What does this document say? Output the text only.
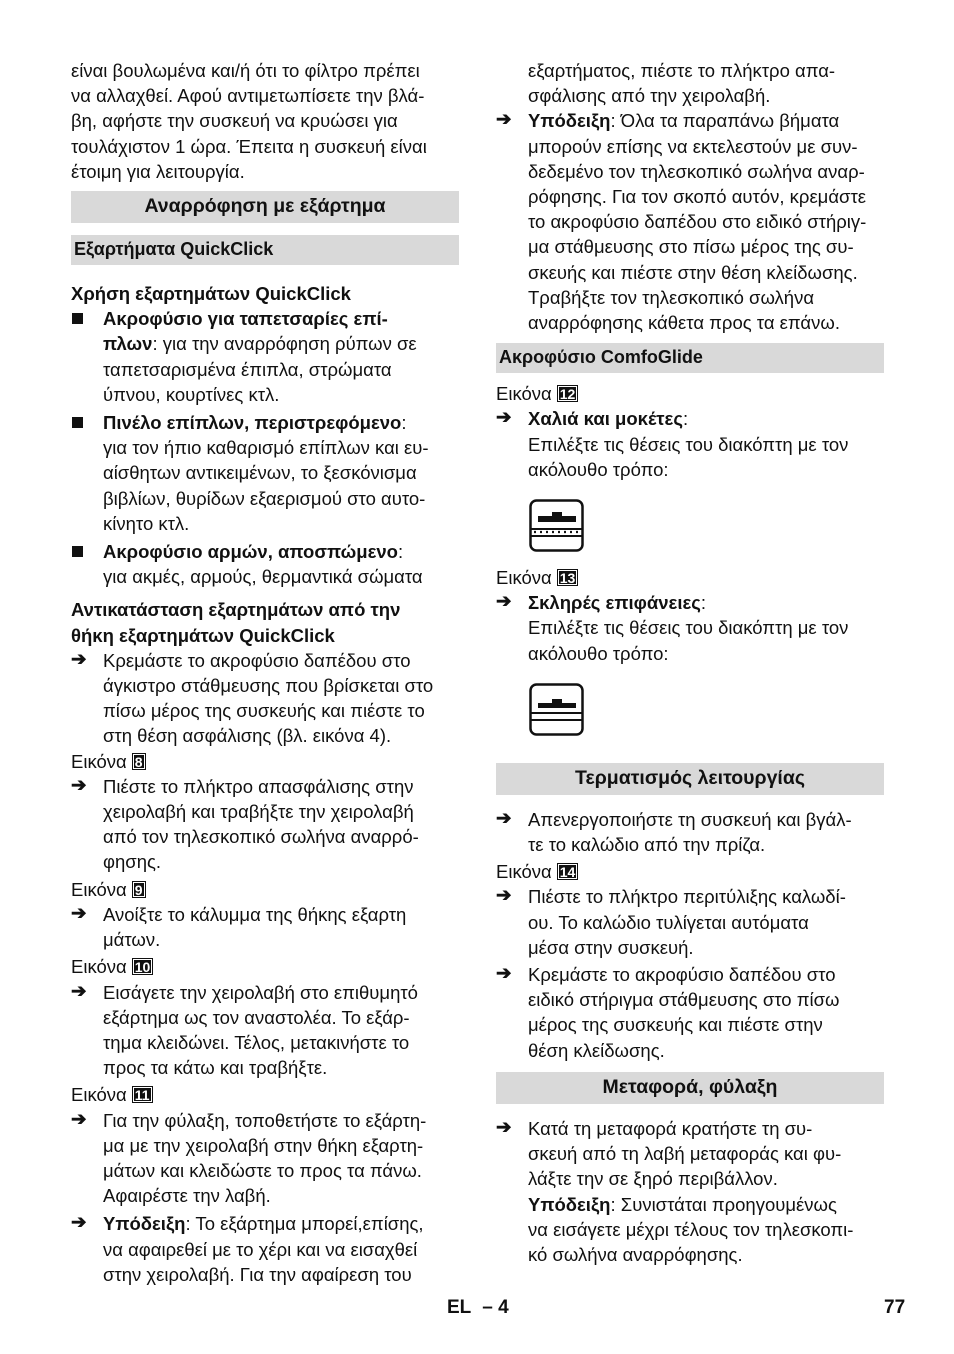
είναι βουλωμένα και/ή ότι το φίλτρο πρέπει
να αλλαχθεί. Αφού αντιμετωπίσετε την βλά-
βη, αφήστε την συσκευή να κρυώσει για
τουλάχιστον 1 ώρα. Έπειτα η συσκευή είναι
έτοιμη για λειτουργία.
Αναρρόφηση με εξάρτημα
Εξαρτήματα QuickClick

Χρήση εξαρτημάτων QuickClick

Ακροφύσιο για ταπετσαρίες επί-

πλων: για την αναρρόφηση ρύπων σε

ταπετσαρισμένα έπιπλα, στρώματα
ύπνου, κουρτίνες κτλ.

Πινέλο επίπλων, περιστρεφόμενο:

για τον ήπιο καθαρισμό επίπλων και ευ-
αίσθητων αντικειμένων, το ξεσκόνισμα
βιβλίων, θυρίδων εξαερισμού στο αυτο-
κίνητο κτλ.

Ακροφύσιο αρμών, αποσπώμενο:

για ακμές, αρμούς, θερμαντικά σώματα
Αντικατάσταση εξαρτημάτων από την
θήκη εξαρτημάτων QuickClick
➔ Κρεμάστε το ακροφύσιο δαπέδου στο
άγκιστρο στάθμευσης που βρίσκεται στο
πίσω μέρος της συσκευής και πιέστε το
στη θέση ασφάλισης (βλ. εικόνα 4).

Εικόνα 8

➔ Πιέστε το πλήκτρο απασφάλισης στην
χειρολαβή και τραβήξτε την χειρολαβή
από τον τηλεσκοπικό σωλήνα αναρρό-
φησης.

Εικόνα 9

➔ Ανοίξτε το κάλυμμα της θήκης εξαρτη
μάτων.

Εικόνα 10

➔ Εισάγετε την χειρολαβή στο επιθυμητό
εξάρτημα ως τον αναστολέα. Το εξάρ-
τημα κλειδώνει. Τέλος, μετακινήστε το
προς τα κάτω και τραβήξτε.

Εικόνα 11

➔ Για την φύλαξη, τοποθετήστε το εξάρτη-
μα με την χειρολαβή στην θήκη εξαρτη-
μάτων και κλειδώστε το προς τα πάνω.
Αφαιρέστε την λαβή.
➔ Υπόδειξη: Το εξάρτημα μπορεί,επίσης,

να αφαιρεθεί με το χέρι και να εισαχθεί
στην χειρολαβή. Για την αφαίρεση του
εξαρτήματος, πιέστε το πλήκτρο απα-
σφάλισης από την χειρολαβή.
➔ Υπόδειξη: Όλα τα παραπάνω βήματα

μπορούν επίσης να εκτελεστούν με συν-
δεδεμένο τον τηλεσκοπικό σωλήνα αναρ-
ρόφησης. Για τον σκοπό αυτόν, κρεμάστε
το ακροφύσιο δαπέδου στο ειδικό στήριγ-
μα στάθμευσης στο πίσω μέρος της συ-
σκευής και πιέστε στην θέση κλείδωσης.
Τραβήξτε τον τηλεσκοπικό σωλήνα
αναρρόφησης κάθετα προς τα επάνω.
Ακροφύσιο ComfoGlide

Εικόνα 12

➔ Χαλιά και μοκέτες:

Επιλέξτε τις θέσεις του διακόπτη με τον
ακόλουθο τρόπο:

Εικόνα 13

➔ Σκληρές επιφάνειες:

Επιλέξτε τις θέσεις του διακόπτη με τον
ακόλουθο τρόπο:
Τερματισμός λειτουργίας
➔ Απενεργοποιήστε τη συσκευή και βγάλ-
τε το καλώδιο από την πρίζα.

Εικόνα 14

➔ Πιέστε το πλήκτρο περιτύλιξης καλωδί-
ου. Το καλώδιο τυλίγεται αυτόματα
μέσα στην συσκευή.
➔ Κρεμάστε το ακροφύσιο δαπέδου στο
ειδικό στήριγμα στάθμευσης στο πίσω
μέρος της συσκευής και πιέστε στην
θέση κλείδωσης.
Μεταφορά, φύλαξη
➔ Κατά τη μεταφορά κρατήστε τη συ-
σκευή από τη λαβή μεταφοράς και φυ-
λάξτε την σε ξηρό περιβάλλον.

Υπόδειξη: Συνιστάται προηγουμένως

να εισάγετε μέχρι τέλους τον τηλεσκοπι-
κό σωλήνα αναρρόφησης.
EL – 4	77
